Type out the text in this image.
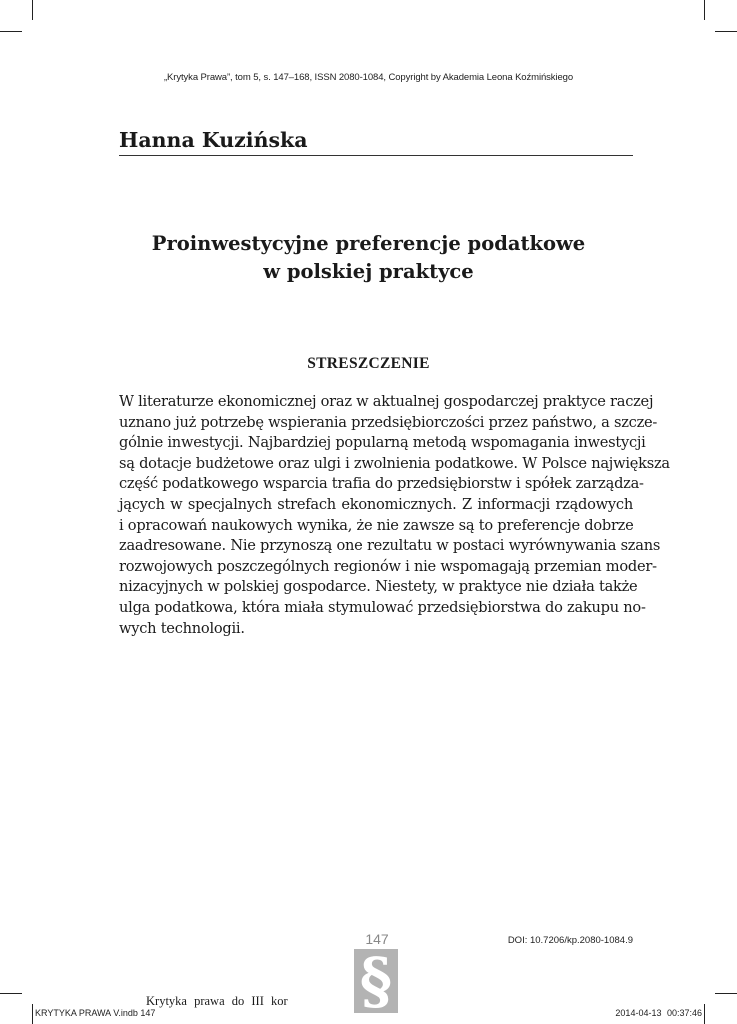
„Krytyka Prawa”, tom 5, s. 147–168, ISSN 2080-1084, Copyright by Akademia Leona Koźmińskiego
Hanna Kuzińska
Proinwestycyjne preferencje podatkowe
w polskiej praktyce
STRESZCZENIE
W literaturze ekonomicznej oraz w aktualnej gospodarczej praktyce raczej
uznano już potrzebę wspierania przedsiębiorczości przez państwo, a szcze-
gólnie inwestycji. Najbardziej popularną metodą wspomagania inwestycji
są dotacje budżetowe oraz ulgi i zwolnienia podatkowe. W Polsce największa
część podatkowego wsparcia trafia do przedsiębiorstw i spółek zarządza-
jących w specjalnych strefach ekonomicznych. Z informacji rządowych
i opracowań naukowych wynika, że nie zawsze są to preferencje dobrze
zaadresowane. Nie przynoszą one rezultatu w postaci wyrównywania szans
rozwojowych poszczególnych regionów i nie wspomagają przemian moder-
nizacyjnych w polskiej gospodarce. Niestety, w praktyce nie działa także
ulga podatkowa, która miała stymulować przedsiębiorstwa do zakupu no-
wych technologii.
147	DOI: 10.7206/kp.2080-1084.9
§
Krytyka prawa do III kor
KRYTYKA PRAWA V.indb 147	2014-04-13 00:37:46
